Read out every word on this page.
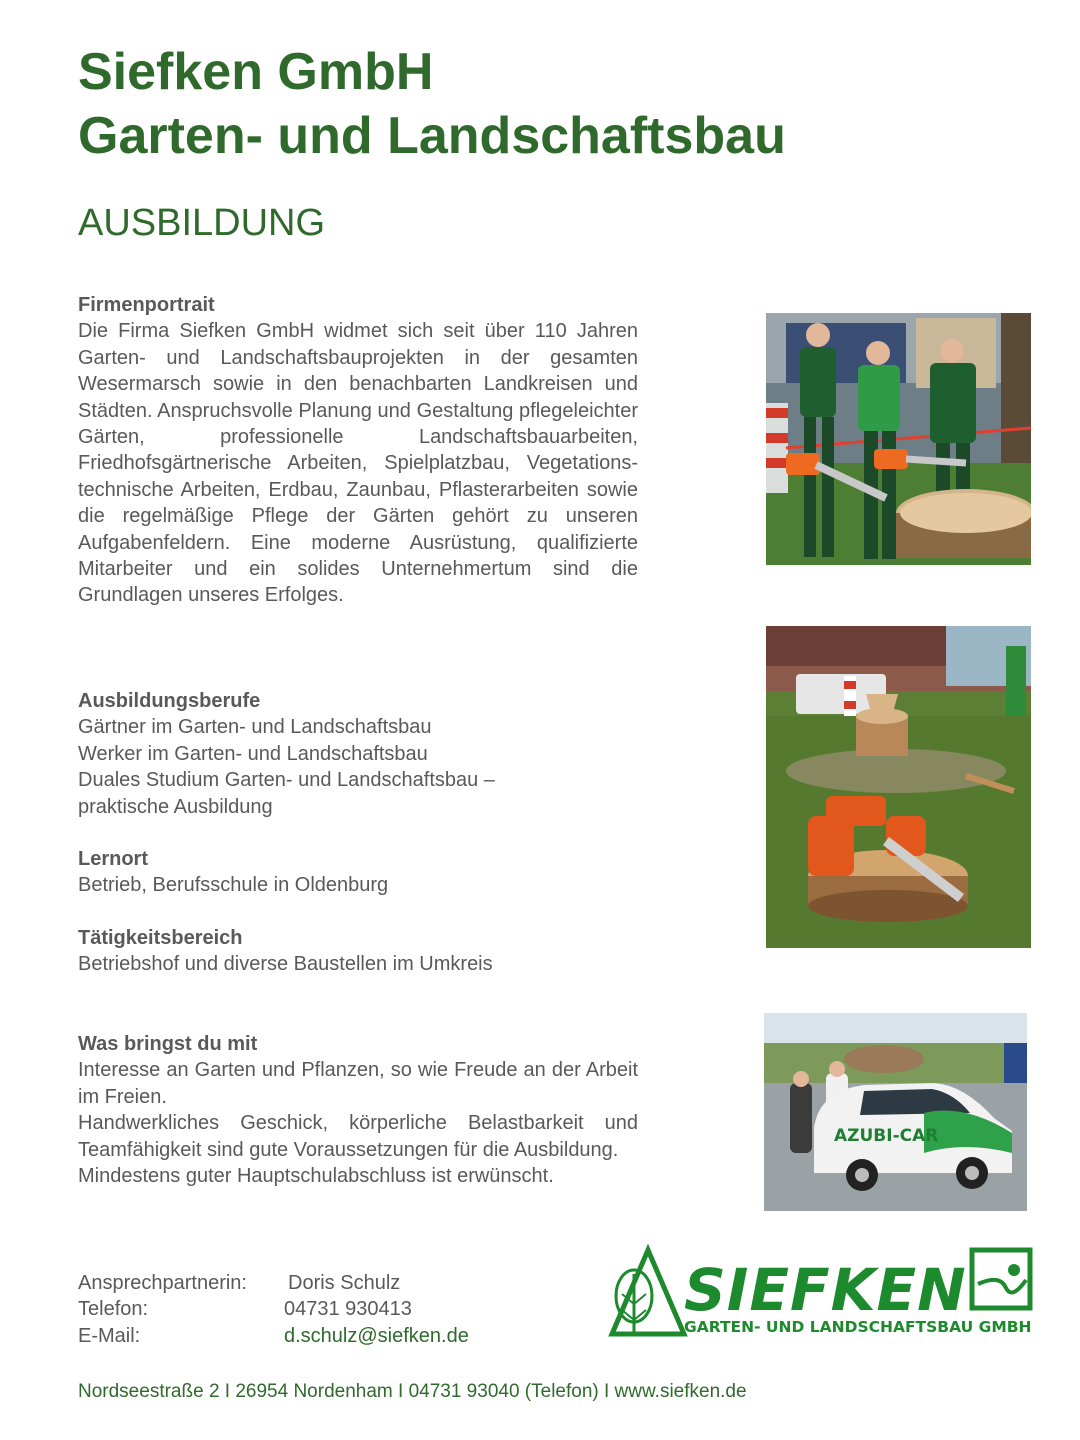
Siefken GmbH
Garten- und Landschaftsbau
AUSBILDUNG
Firmenportrait

Die Firma Siefken GmbH widmet sich seit über 110 Jahren Garten- und Landschaftsbauprojekten in der gesamten Wesermarsch sowie in den benachbarten Landkreisen und Städten. Anspruchsvolle Planung und Gestaltung pflegeleichter Gärten, professionelle Landschaftsbauarbeiten, Friedhofsgärtnerische Arbeiten, Spielplatzbau, Vegetations-technische Arbeiten, Erdbau, Zaunbau, Pflasterarbeiten sowie die regelmäßige Pflege der Gärten gehört zu unseren Aufgabenfeldern. Eine moderne Ausrüstung, qualifizierte Mitarbeiter und ein solides Unternehmertum sind die Grundlagen unseres Erfolges.

Ausbildungsberufe
Gärtner im Garten- und Landschaftsbau
Werker im Garten- und Landschaftsbau
Duales Studium Garten- und Landschaftsbau –
praktische Ausbildung
Lernort

Betrieb, Berufsschule in Oldenburg

Tätigkeitsbereich

Betriebshof und diverse Baustellen im Umkreis

Was bringst du mit

Interesse an Garten und Pflanzen, so wie Freude an der Arbeit im Freien.

Handwerkliches Geschick, körperliche Belastbarkeit und Teamfähigkeit sind gute Voraussetzungen für die Ausbildung.

Mindestens guter Hauptschulabschluss ist erwünscht.

AZUBI-CAR
Ansprechpartnerin:	Doris Schulz
Telefon:	04731 930413
E-Mail:	d.schulz@siefken.de
SIEFKEN
GARTEN- UND LANDSCHAFTSBAU GMBH
Nordseestraße 2 I 26954 Nordenham I 04731 93040 (Telefon) I www.siefken.de
